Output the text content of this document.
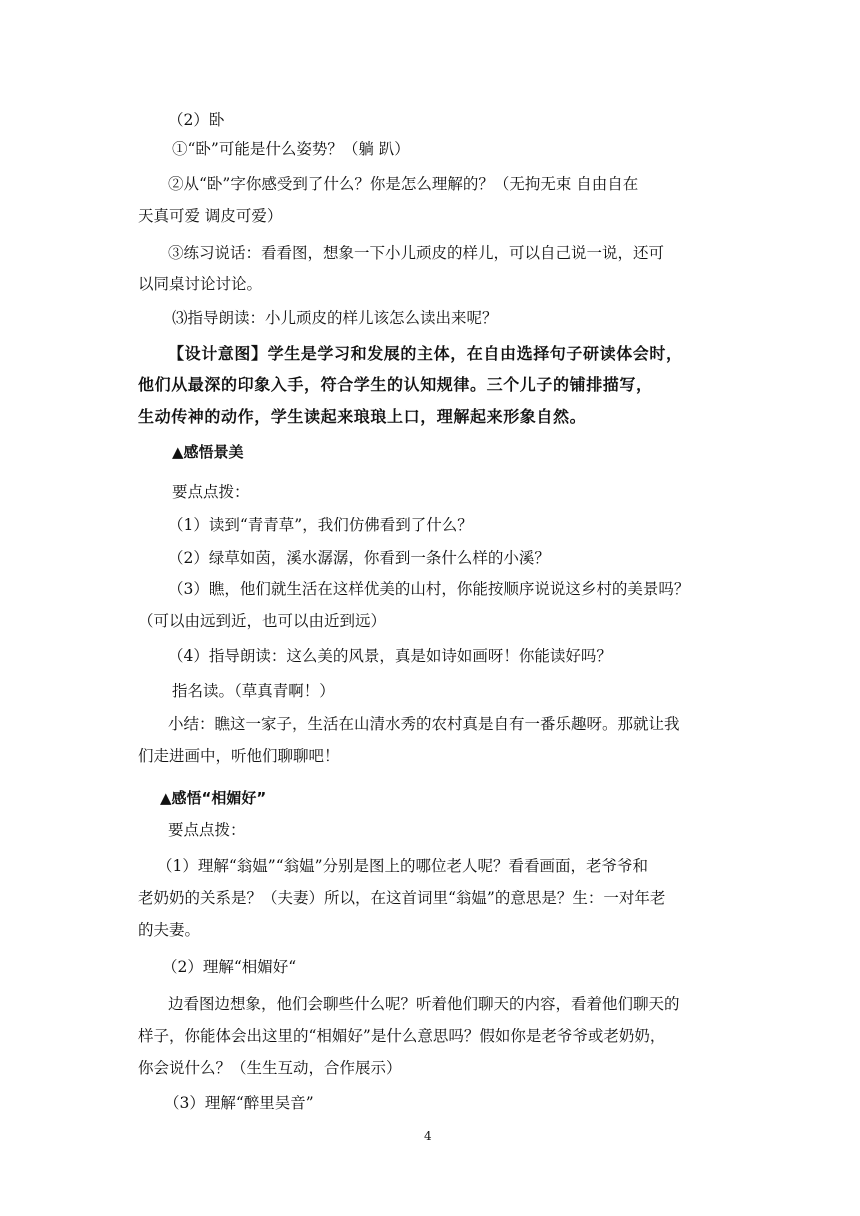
（2）卧

①“卧”可能是什么姿势？（躺 趴）

②从“卧”字你感受到了什么？你是怎么理解的？（无拘无束 自由自在

天真可爱 调皮可爱）

③练习说话：看看图，想象一下小儿顽皮的样儿，可以自己说一说，还可

以同桌讨论讨论。

⑶指导朗读：小儿顽皮的样儿该怎么读出来呢？

【设计意图】学生是学习和发展的主体，在自由选择句子研读体会时，

他们从最深的印象入手，符合学生的认知规律。三个儿子的铺排描写，

生动传神的动作，学生读起来琅琅上口，理解起来形象自然。

▲感悟景美

要点点拨：

（1）读到“青青草”，我们仿佛看到了什么？

（2）绿草如茵，溪水潺潺，你看到一条什么样的小溪？

（3）瞧，他们就生活在这样优美的山村，你能按顺序说说这乡村的美景吗？

（可以由远到近，也可以由近到远）

（4）指导朗读：这么美的风景，真是如诗如画呀！你能读好吗？

指名读。（草真青啊！）

小结：瞧这一家子，生活在山清水秀的农村真是自有一番乐趣呀。那就让我

们走进画中，听他们聊聊吧！

▲感悟“相媚好”

要点点拨：

（1）理解“翁媪”“翁媪”分别是图上的哪位老人呢？看看画面，老爷爷和

老奶奶的关系是？（夫妻）所以，在这首词里“翁媪”的意思是？生：一对年老

的夫妻。

（2）理解“相媚好“

边看图边想象，他们会聊些什么呢？听着他们聊天的内容，看着他们聊天的

样子，你能体会出这里的“相媚好”是什么意思吗？假如你是老爷爷或老奶奶，

你会说什么？（生生互动，合作展示）

（3）理解“醉里吴音”

4
